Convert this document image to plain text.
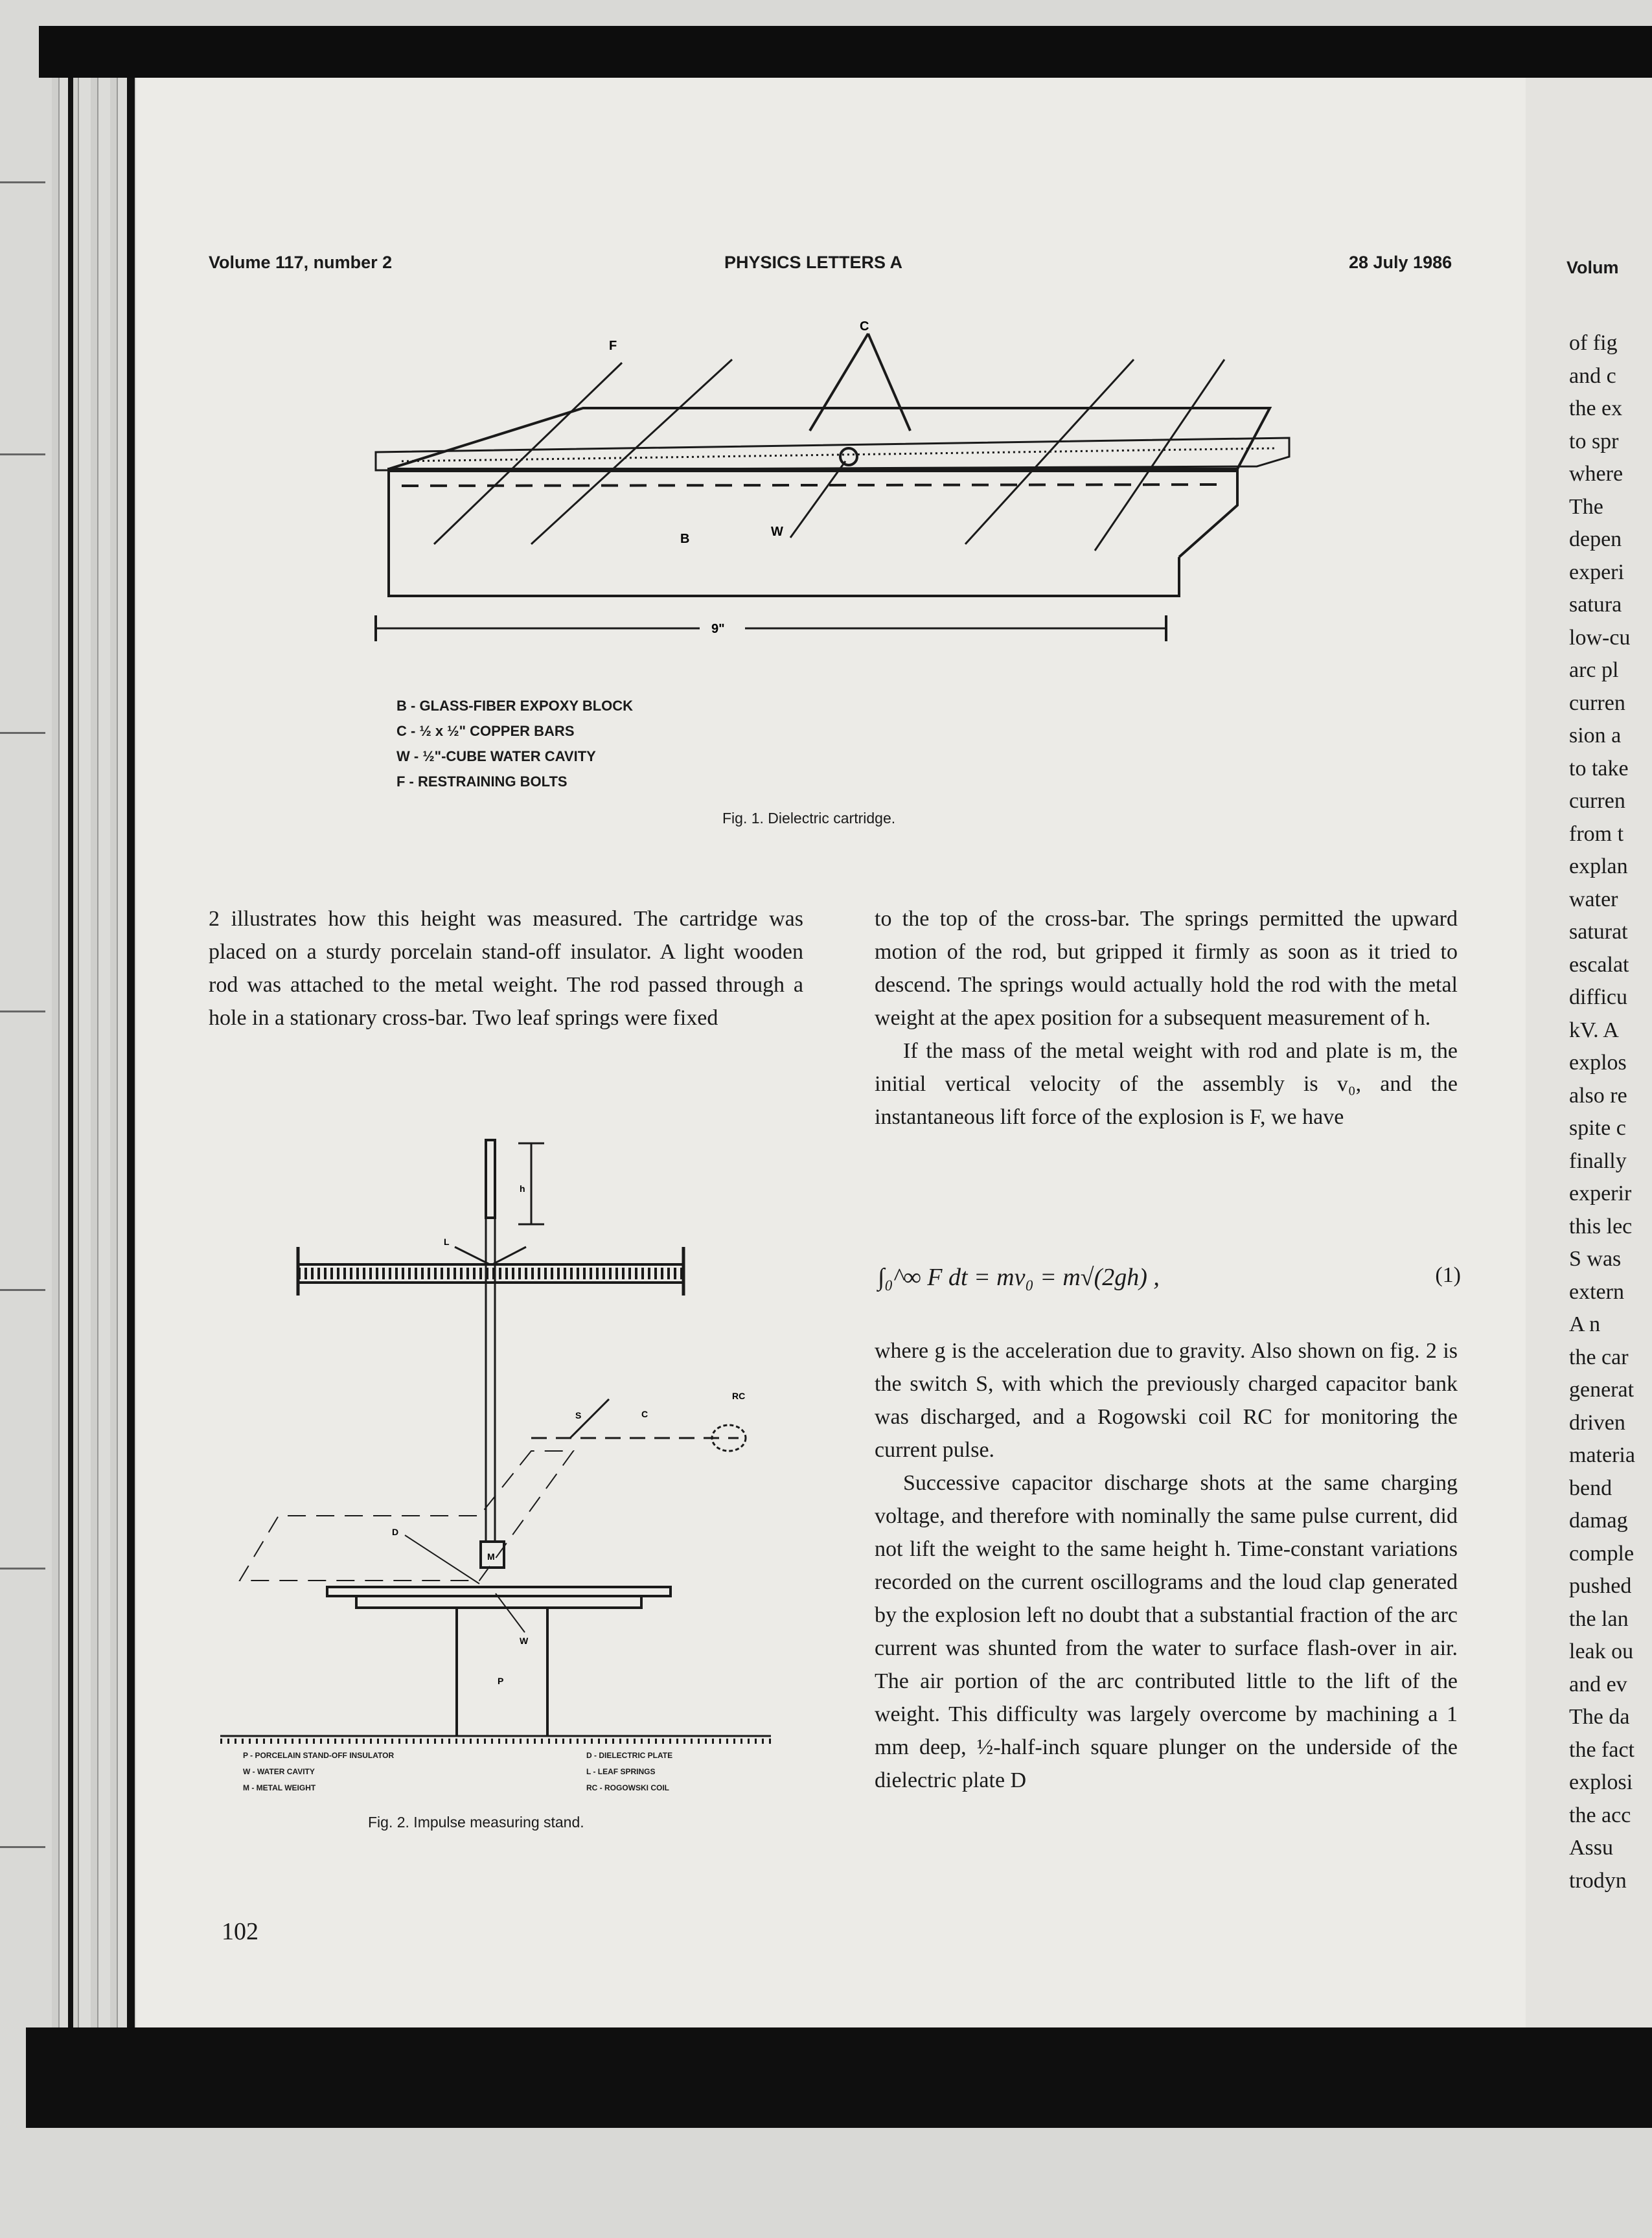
Volume 117, number 2	PHYSICS LETTERS A	28 July 1986	Volum
F
C
B	W
9"
B - GLASS-FIBER EXPOXY BLOCK
C - ½ x ½" COPPER BARS
W - ½"-CUBE WATER CAVITY
F - RESTRAINING BOLTS
Fig. 1. Dielectric cartridge.

2 illustrates how this height was measured. The cartridge was placed on a sturdy porcelain stand-off insulator. A light wooden rod was attached to the metal weight. The rod passed through a hole in a stationary cross-bar. Two leaf springs were fixed

h
L
S	C
RC
D
M
W
P
P - PORCELAIN STAND-OFF INSULATOR
W - WATER CAVITY
M - METAL WEIGHT
D - DIELECTRIC PLATE
L - LEAF SPRINGS
RC - ROGOWSKI COIL
Fig. 2. Impulse measuring stand.

to the top of the cross-bar. The springs permitted the upward motion of the rod, but gripped it firmly as soon as it tried to descend. The springs would actually hold the rod with the metal weight at the apex position for a subsequent measurement of h.

If the mass of the metal weight with rod and plate is m, the initial vertical velocity of the assembly is v₀, and the instantaneous lift force of the explosion is F, we have

∫₀^∞ F dt = mv₀ = m√(2gh) ,	(1)

where g is the acceleration due to gravity. Also shown on fig. 2 is the switch S, with which the previously charged capacitor bank was discharged, and a Rogowski coil RC for monitoring the current pulse.

Successive capacitor discharge shots at the same charging voltage, and therefore with nominally the same pulse current, did not lift the weight to the same height h. Time-constant variations recorded on the current oscillograms and the loud clap generated by the explosion left no doubt that a substantial fraction of the arc current was shunted from the water to surface flash-over in air. The air portion of the arc contributed little to the lift of the weight. This difficulty was largely overcome by machining a 1 mm deep, ½-half-inch square plunger on the underside of the dielectric plate D

102
of fig
and c
the ex
to spr
where
The
depen
experi
satura
low-cu
arc pl
curren
sion a
to take
curren
from t
explan
water
saturat
escalat
difficu
kV. A
explos
also re
spite c
finally
experir
this lec
S was
extern
A n
the car
generat
driven
materia
bend
damag
comple
pushed
the lan
leak ou
and ev
The da
the fact
explosi
the acc
Assu
trodyn
